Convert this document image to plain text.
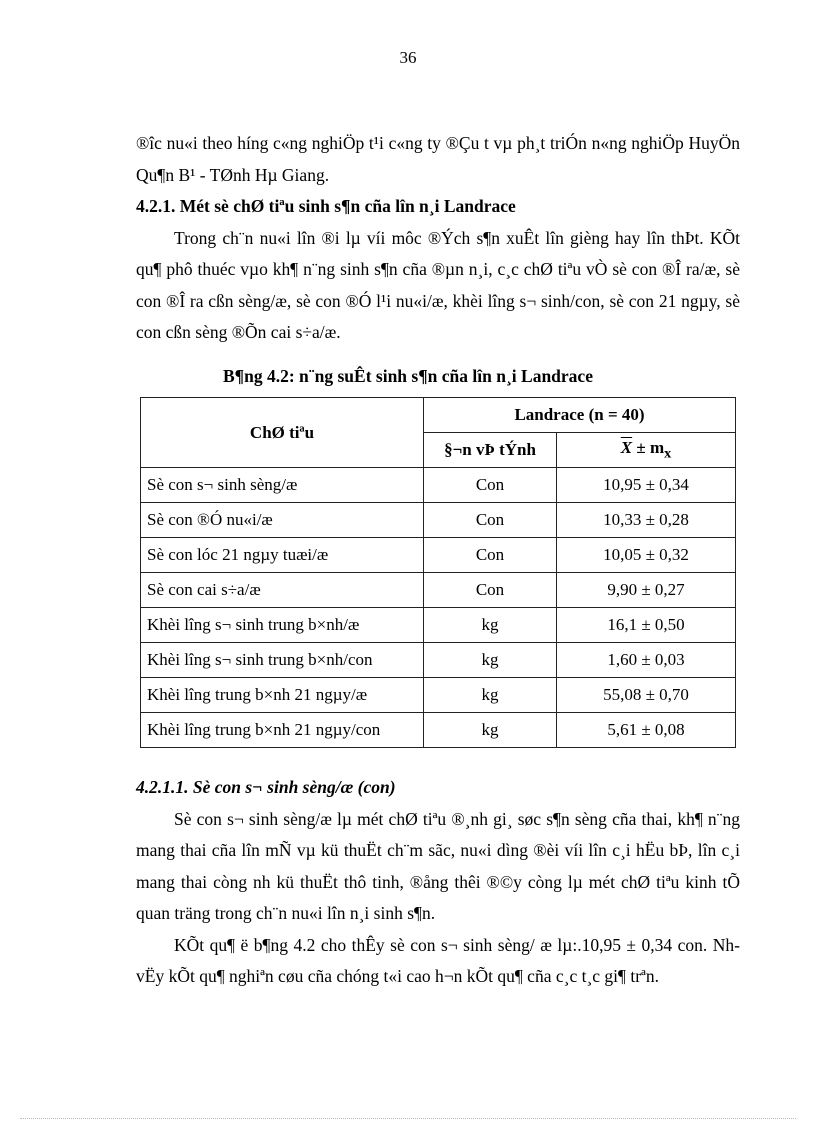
36

®îc nu«i theo híng c«ng nghiÖp t¹i c«ng ty ®Çu t vµ ph¸t triÓn n«ng nghiÖp HuyÖn Qu¶n B¹ - TØnh Hµ Giang.

4.2.1. Mét sè chØ tiªu sinh s¶n cña lîn n¸i Landrace

Trong ch¨n nu«i lîn ®i lµ víi môc ®Ých s¶n xuÊt lîn gièng hay lîn thÞt. KÕt qu¶ phô thuéc vµo kh¶ n¨ng sinh s¶n cña ®µn n¸i, c¸c chØ tiªu vÒ sè con ®Î ra/æ, sè con ®Î ra cßn sèng/æ, sè con ®Ó l¹i nu«i/æ, khèi lîng s¬ sinh/con, sè con 21 ngµy, sè con cßn sèng ®Õn cai s÷a/æ.

B¶ng 4.2: n¨ng suÊt sinh s¶n cña lîn n¸i Landrace
ChØ tiªu	Landrace (n = 40)	
	§¬n vÞ tÝnh	$\overline{X} \pm m_x$
Sè con s¬ sinh sèng/æ	Con	10,95 ± 0,34
Sè con ®Ó nu«i/æ	Con	10,33 ± 0,28
Sè con lóc 21 ngµy tuæi/æ	Con	10,05 ± 0,32
Sè con cai s÷a/æ	Con	9,90 ± 0,27
Khèi lîng s¬ sinh trung b×nh/æ	kg	16,1 ± 0,50
Khèi lîng s¬ sinh trung b×nh/con	kg	1,60 ± 0,03
Khèi lîng trung b×nh 21 ngµy/æ	kg	55,08 ± 0,70
Khèi lîng trung b×nh 21 ngµy/con	kg	5,61 ± 0,08

4.2.1.1. Sè con s¬ sinh sèng/æ (con)

Sè con s¬ sinh sèng/æ lµ mét chØ tiªu ®¸nh gi¸ søc s¶n sèng cña thai, kh¶ n¨ng mang thai cña lîn mÑ vµ kü thuËt ch¨m sãc, nu«i dìng ®èi víi lîn c¸i hËu bÞ, lîn c¸i mang thai còng nh kü thuËt thô tinh, ®ång thêi ®©y còng lµ mét chØ tiªu kinh tÕ quan träng trong ch¨n nu«i lîn n¸i sinh s¶n.

KÕt qu¶ ë b¶ng 4.2 cho thÊy sè con s¬ sinh sèng/ æ lµ:.10,95 ± 0,34 con. Nh vËy kÕt qu¶ nghiªn cøu cña chóng t«i cao h¬n kÕt qu¶ cña c¸c t¸c gi¶ trªn.
